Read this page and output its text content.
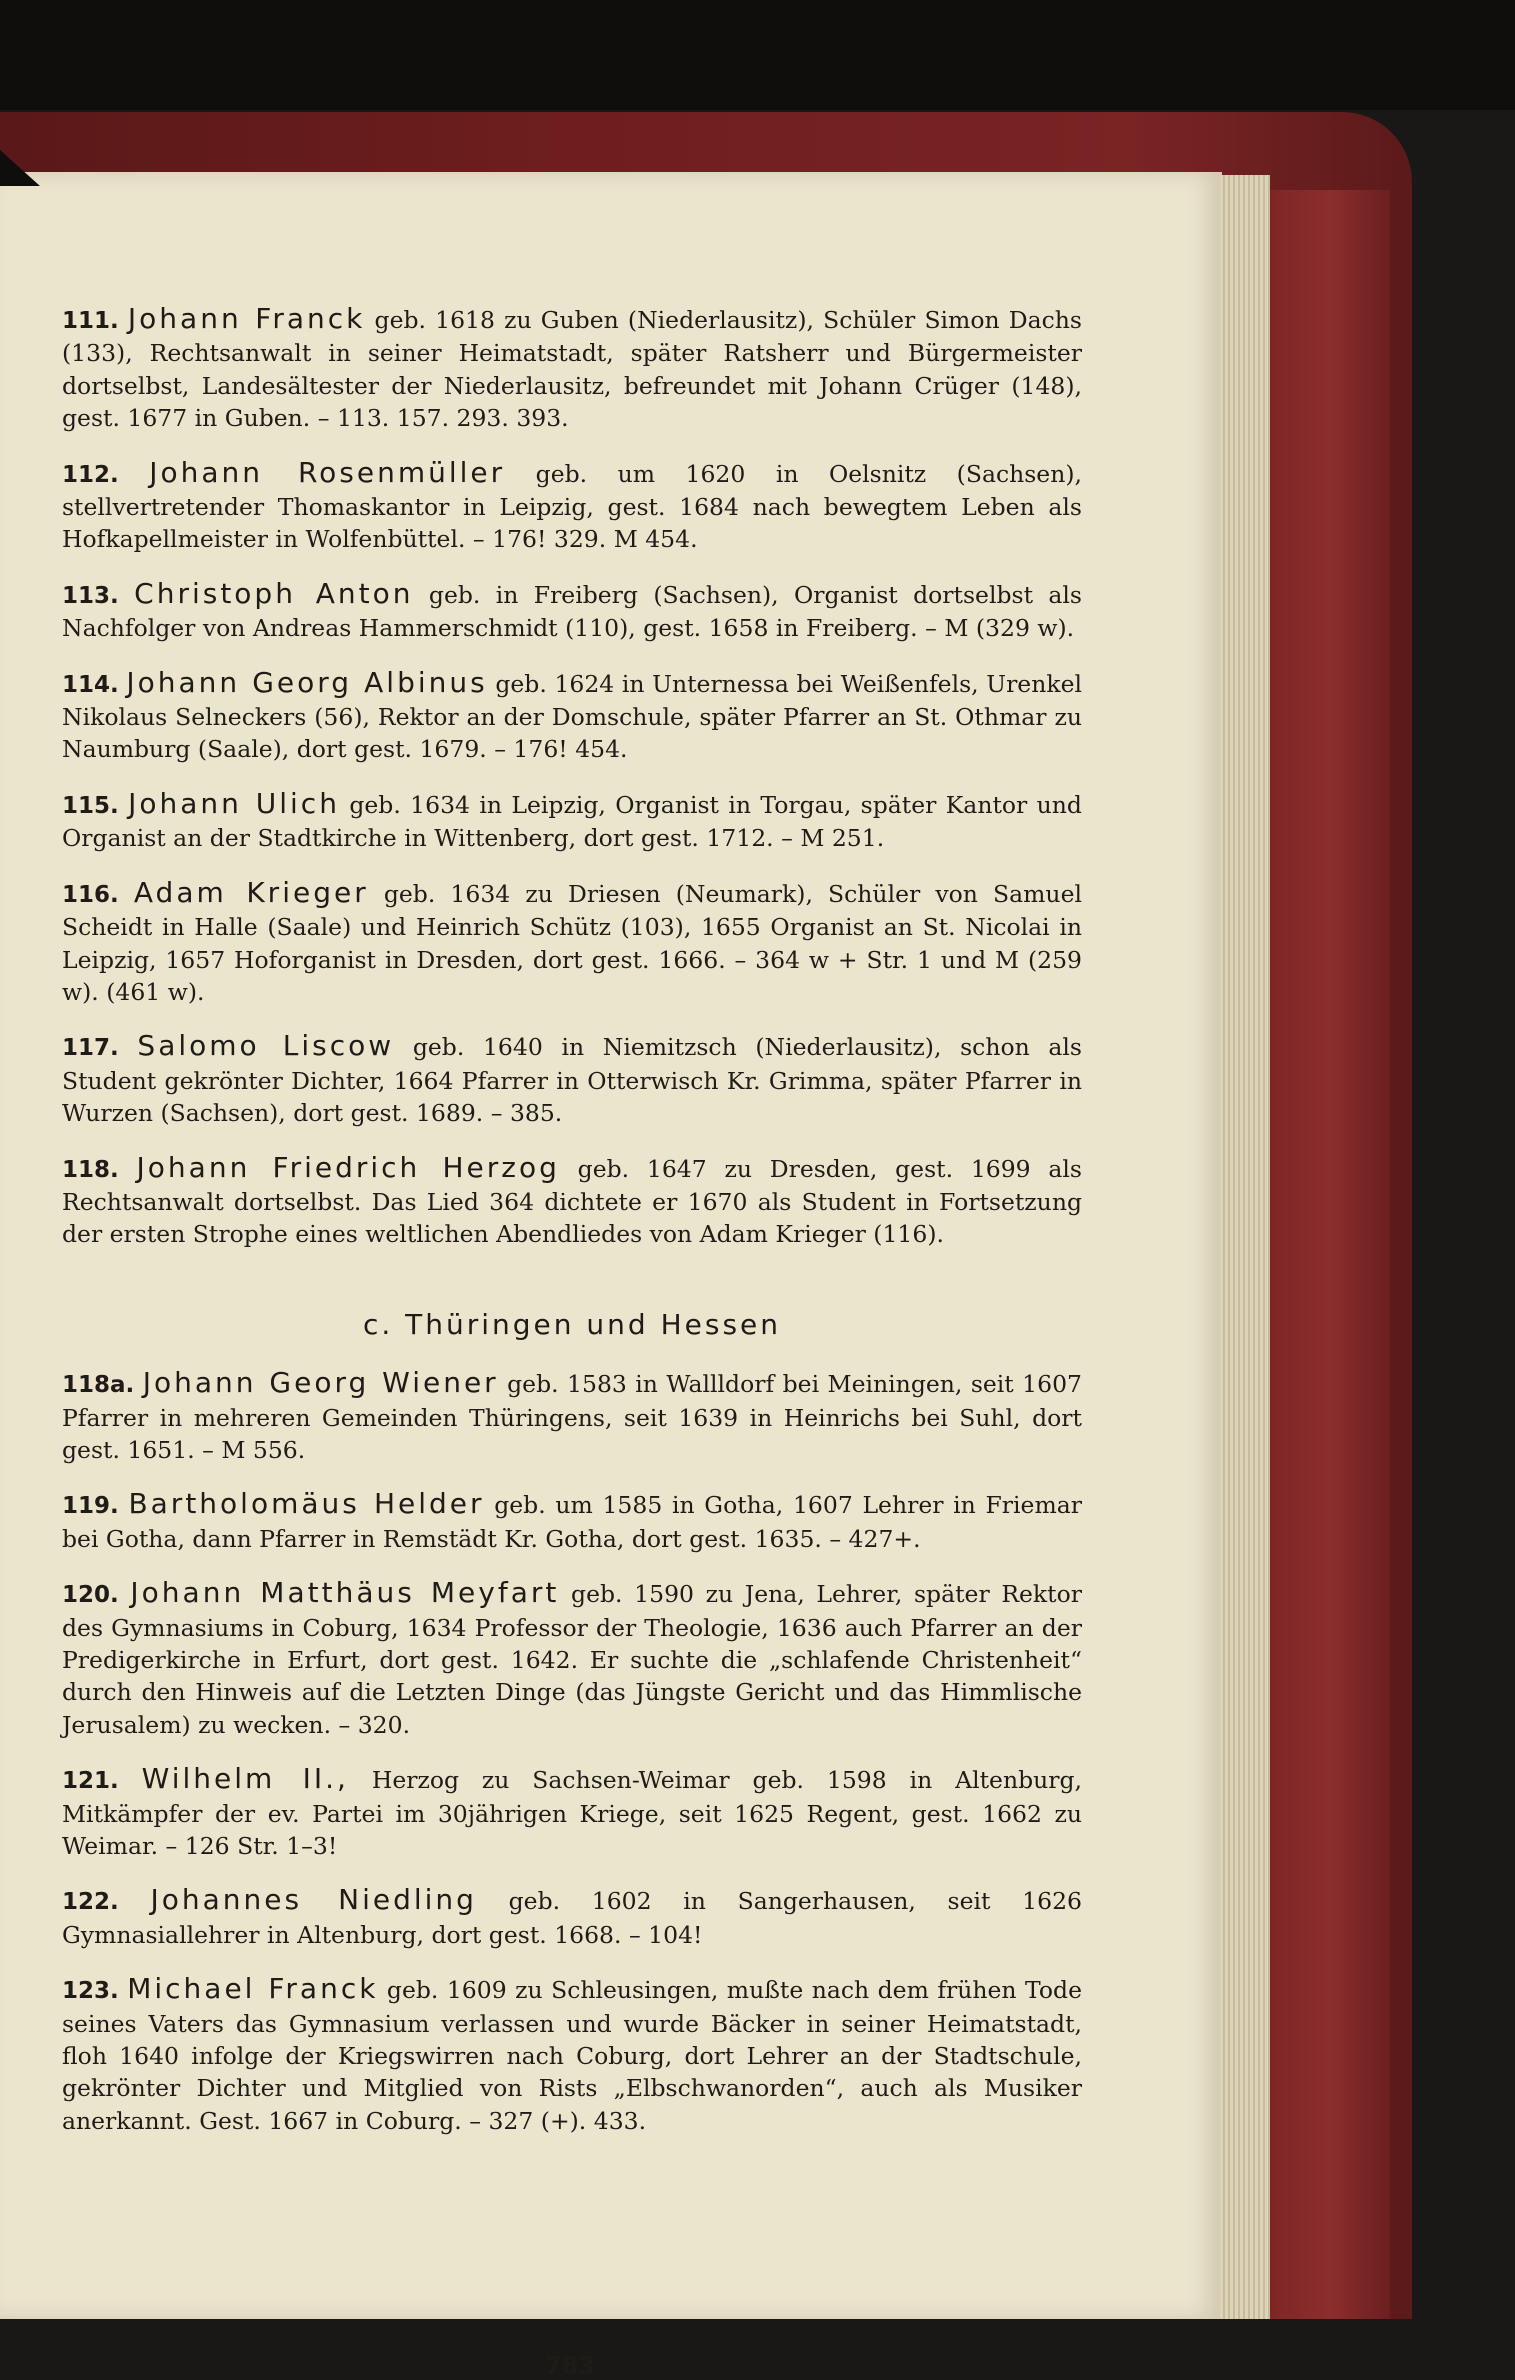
111. Johann Franck geb. 1618 zu Guben (Niederlausitz), Schüler Simon Dachs (133), Rechtsanwalt in seiner Heimatstadt, später Ratsherr und Bürgermeister dortselbst, Landesältester der Niederlausitz, befreundet mit Johann Crüger (148), gest. 1677 in Guben. – 113. 157. 293. 393.

112. Johann Rosenmüller geb. um 1620 in Oelsnitz (Sachsen), stellvertretender Thomaskantor in Leipzig, gest. 1684 nach bewegtem Leben als Hofkapellmeister in Wolfenbüttel. – 176! 329. M 454.

113. Christoph Anton geb. in Freiberg (Sachsen), Organist dortselbst als Nachfolger von Andreas Hammerschmidt (110), gest. 1658 in Freiberg. – M (329 w).

114. Johann Georg Albinus geb. 1624 in Unternessa bei Weißenfels, Urenkel Nikolaus Selneckers (56), Rektor an der Domschule, später Pfarrer an St. Othmar zu Naumburg (Saale), dort gest. 1679. – 176! 454.

115. Johann Ulich geb. 1634 in Leipzig, Organist in Torgau, später Kantor und Organist an der Stadtkirche in Wittenberg, dort gest. 1712. – M 251.

116. Adam Krieger geb. 1634 zu Driesen (Neumark), Schüler von Samuel Scheidt in Halle (Saale) und Heinrich Schütz (103), 1655 Organist an St. Nicolai in Leipzig, 1657 Hoforganist in Dresden, dort gest. 1666. – 364 w + Str. 1 und M (259 w). (461 w).

117. Salomo Liscow geb. 1640 in Niemitzsch (Niederlausitz), schon als Student gekrönter Dichter, 1664 Pfarrer in Otterwisch Kr. Grimma, später Pfarrer in Wurzen (Sachsen), dort gest. 1689. – 385.

118. Johann Friedrich Herzog geb. 1647 zu Dresden, gest. 1699 als Rechtsanwalt dortselbst. Das Lied 364 dichtete er 1670 als Student in Fortsetzung der ersten Strophe eines weltlichen Abendliedes von Adam Krieger (116).

c. Thüringen und Hessen

118a. Johann Georg Wiener geb. 1583 in Wallldorf bei Meiningen, seit 1607 Pfarrer in mehreren Gemeinden Thüringens, seit 1639 in Heinrichs bei Suhl, dort gest. 1651. – M 556.

119. Bartholomäus Helder geb. um 1585 in Gotha, 1607 Lehrer in Friemar bei Gotha, dann Pfarrer in Remstädt Kr. Gotha, dort gest. 1635. – 427+.

120. Johann Matthäus Meyfart geb. 1590 zu Jena, Lehrer, später Rektor des Gymnasiums in Coburg, 1634 Professor der Theologie, 1636 auch Pfarrer an der Predigerkirche in Erfurt, dort gest. 1642. Er suchte die „schlafende Christenheit“ durch den Hinweis auf die Letzten Dinge (das Jüngste Gericht und das Himmlische Jerusalem) zu wecken. – 320.

121. Wilhelm II., Herzog zu Sachsen-Weimar geb. 1598 in Altenburg, Mitkämpfer der ev. Partei im 30jährigen Kriege, seit 1625 Regent, gest. 1662 zu Weimar. – 126 Str. 1–3!

122. Johannes Niedling geb. 1602 in Sangerhausen, seit 1626 Gymnasiallehrer in Altenburg, dort gest. 1668. – 104!

123. Michael Franck geb. 1609 zu Schleusingen, mußte nach dem frühen Tode seines Vaters das Gymnasium verlassen und wurde Bäcker in seiner Heimatstadt, floh 1640 infolge der Kriegswirren nach Coburg, dort Lehrer an der Stadtschule, gekrönter Dichter und Mitglied von Rists „Elbschwanorden“, auch als Musiker anerkannt. Gest. 1667 in Coburg. – 327 (+). 433.

783
